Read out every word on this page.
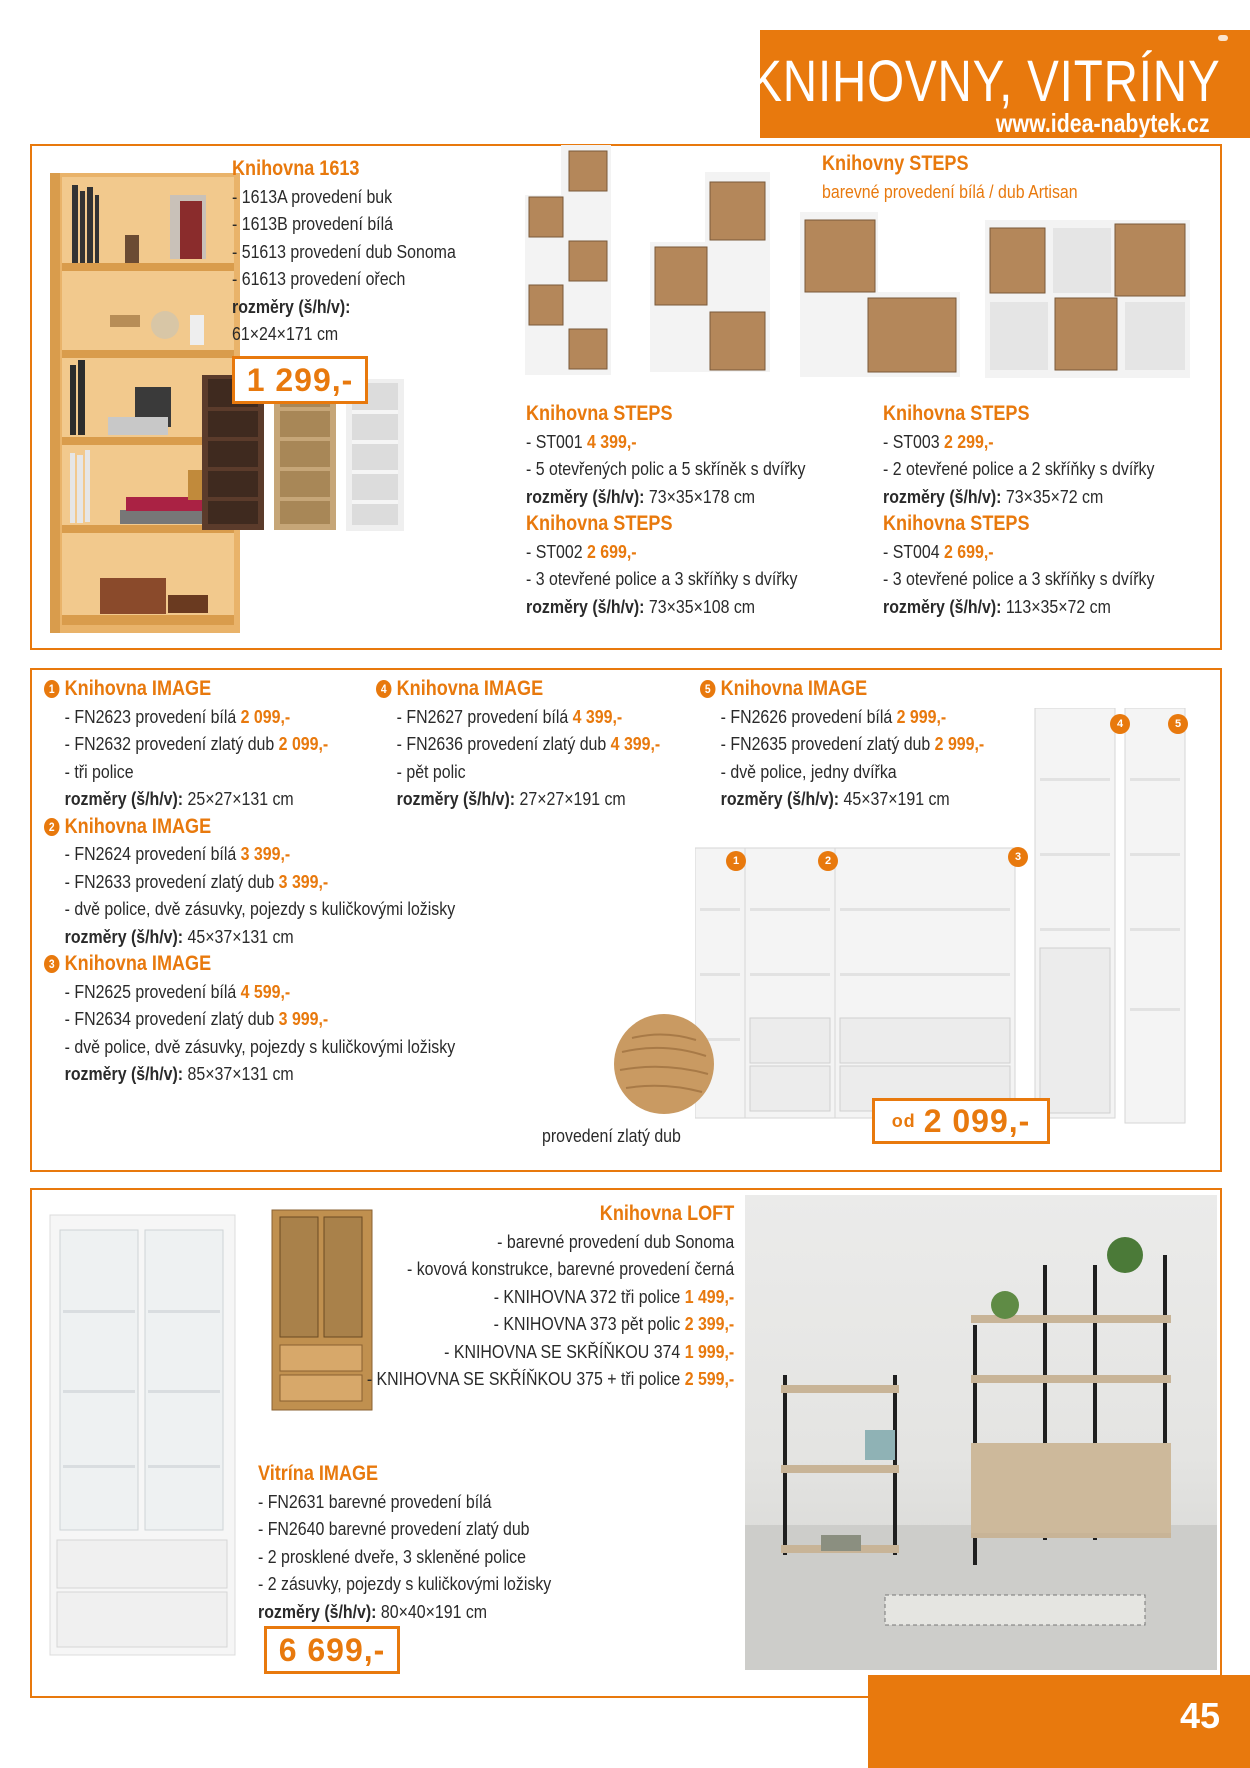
KNIHOVNY, VITRÍNY
www.idea-nabytek.cz
Knihovna 1613
- 1613A provedení buk
- 1613B provedení bílá
- 51613 provedení dub Sonoma
- 61613 provedení ořech
rozměry (š/h/v):
61×24×171 cm
1 299,-
Knihovny STEPS
barevné provedení bílá / dub Artisan
Knihovna STEPS
- ST001 4 399,-
- 5 otevřených polic a 5 skříněk s dvířky
rozměry (š/h/v): 73×35×178 cm
Knihovna STEPS
- ST002 2 699,-
- 3 otevřené police a 3 skříňky s dvířky
rozměry (š/h/v): 73×35×108 cm
Knihovna STEPS
- ST003 2 299,-
- 2 otevřené police a 2 skříňky s dvířky
rozměry (š/h/v): 73×35×72 cm
Knihovna STEPS
- ST004 2 699,-
- 3 otevřené police a 3 skříňky s dvířky
rozměry (š/h/v): 113×35×72 cm
1 Knihovna IMAGE
- FN2623 provedení bílá 2 099,-
- FN2632 provedení zlatý dub 2 099,-
- tři police
rozměry (š/h/v): 25×27×131 cm
2 Knihovna IMAGE
- FN2624 provedení bílá 3 399,-
- FN2633 provedení zlatý dub 3 399,-
- dvě police, dvě zásuvky, pojezdy s kuličkovými ložisky
rozměry (š/h/v): 45×37×131 cm
3 Knihovna IMAGE
- FN2625 provedení bílá 4 599,-
- FN2634 provedení zlatý dub 3 999,-
- dvě police, dvě zásuvky, pojezdy s kuličkovými ložisky
rozměry (š/h/v): 85×37×131 cm
4 Knihovna IMAGE
- FN2627 provedení bílá 4 399,-
- FN2636 provedení zlatý dub 4 399,-
- pět polic
rozměry (š/h/v): 27×27×191 cm
5 Knihovna IMAGE
- FN2626 provedení bílá 2 999,-
- FN2635 provedení zlatý dub 2 999,-
- dvě police, jedny dvířka
rozměry (š/h/v): 45×37×191 cm
1	2	3
4	5
provedení zlatý dub
od 2 099,-
Vitrína IMAGE
- FN2631 barevné provedení bílá
- FN2640 barevné provedení zlatý dub
- 2 prosklené dveře, 3 skleněné police
- 2 zásuvky, pojezdy s kuličkovými ložisky
rozměry (š/h/v): 80×40×191 cm
6 699,-
Knihovna LOFT
- barevné provedení dub Sonoma
- kovová konstrukce, barevné provedení černá
- KNIHOVNA 372 tři police 1 499,-
- KNIHOVNA 373 pět polic 2 399,-
- KNIHOVNA SE SKŘÍŇKOU 374 1 999,-
- KNIHOVNA SE SKŘÍŇKOU 375 + tři police 2 599,-
45
